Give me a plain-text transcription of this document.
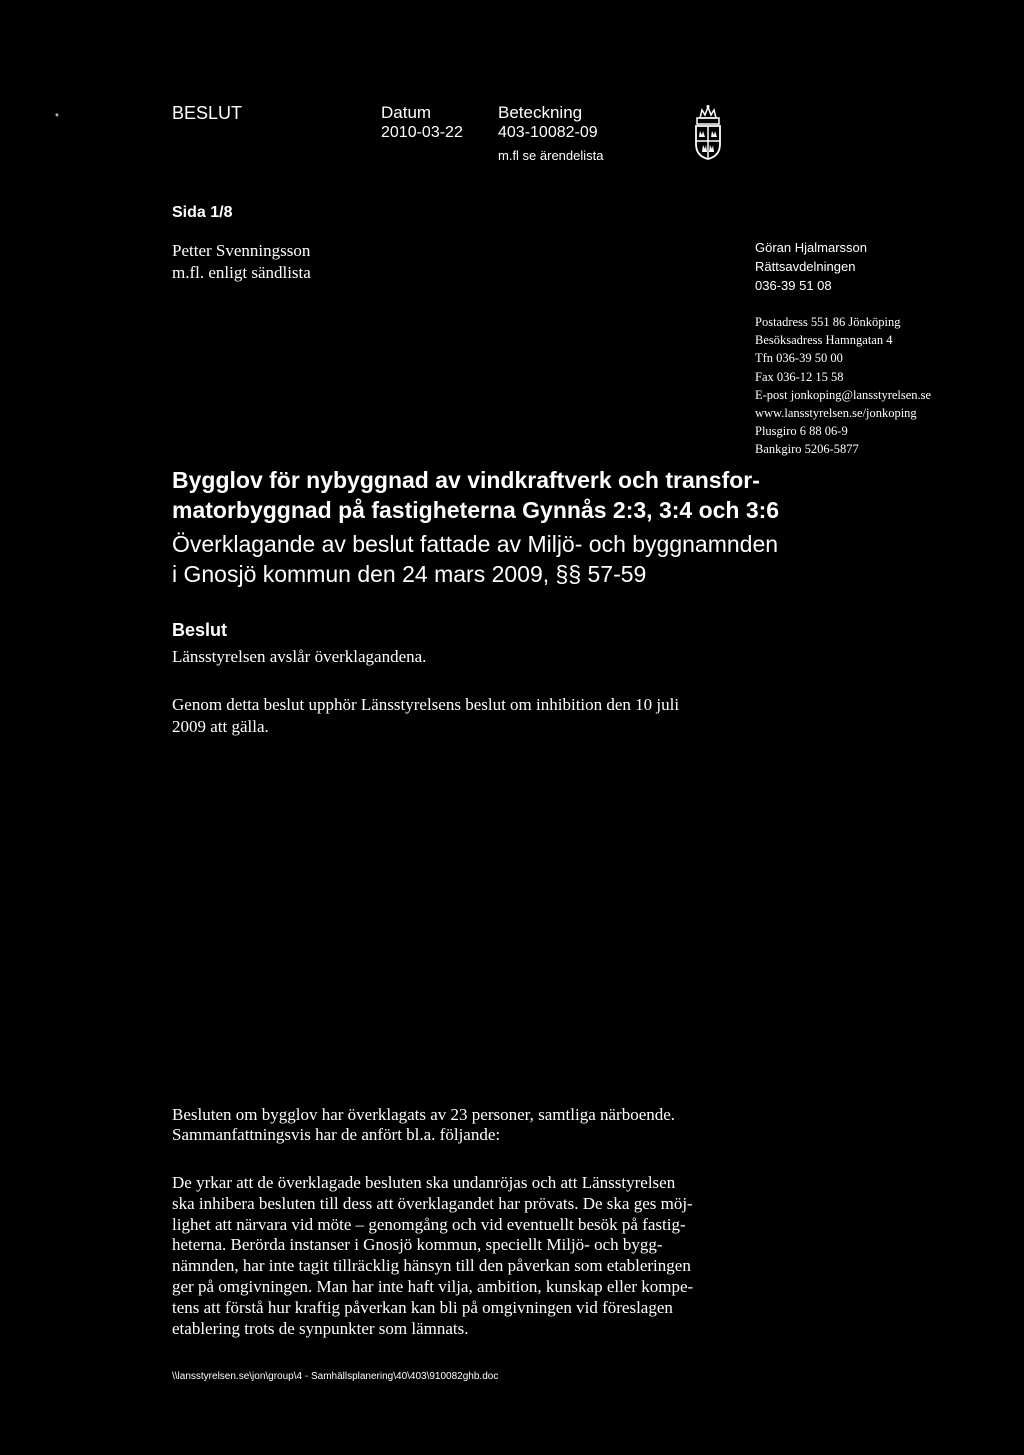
*	BESLUT	Datum
2010-03-22
Beteckning
403-10082-09
m.fl se ärendelista
Sida 1/8
Petter Svenningsson
m.fl. enligt sändlista
Göran Hjalmarsson
Rättsavdelningen
036-39 51 08
Postadress 551 86 Jönköping
Besöksadress Hamngatan 4
Tfn 036-39 50 00
Fax 036-12 15 58
E-post jonkoping@lansstyrelsen.se
www.lansstyrelsen.se/jonkoping
Plusgiro 6 88 06-9
Bankgiro 5206-5877
Bygglov för nybyggnad av vindkraftverk och transfor-
matorbyggnad på fastigheterna Gynnås 2:3, 3:4 och 3:6
Överklagande av beslut fattade av Miljö- och byggnamnden
i Gnosjö kommun den 24 mars 2009, §§ 57-59
Beslut
Länsstyrelsen avslår överklagandena.
Genom detta beslut upphör Länsstyrelsens beslut om inhibition den 10 juli
2009 att gälla.
Besluten om bygglov har överklagats av 23 personer, samtliga närboende.
Sammanfattningsvis har de anfört bl.a. följande:
De yrkar att de överklagade besluten ska undanröjas och att Länsstyrelsen
ska inhibera besluten till dess att överklagandet har prövats. De ska ges möj-
lighet att närvara vid möte – genomgång och vid eventuellt besök på fastig-
heterna. Berörda instanser i Gnosjö kommun, speciellt Miljö- och bygg-
nämnden, har inte tagit tillräcklig hänsyn till den påverkan som etableringen
ger på omgivningen. Man har inte haft vilja, ambition, kunskap eller kompe-
tens att förstå hur kraftig påverkan kan bli på omgivningen vid föreslagen
etablering trots de synpunkter som lämnats.
\\lansstyrelsen.se\jon\group\4 - Samhällsplanering\40\403\910082ghb.doc
